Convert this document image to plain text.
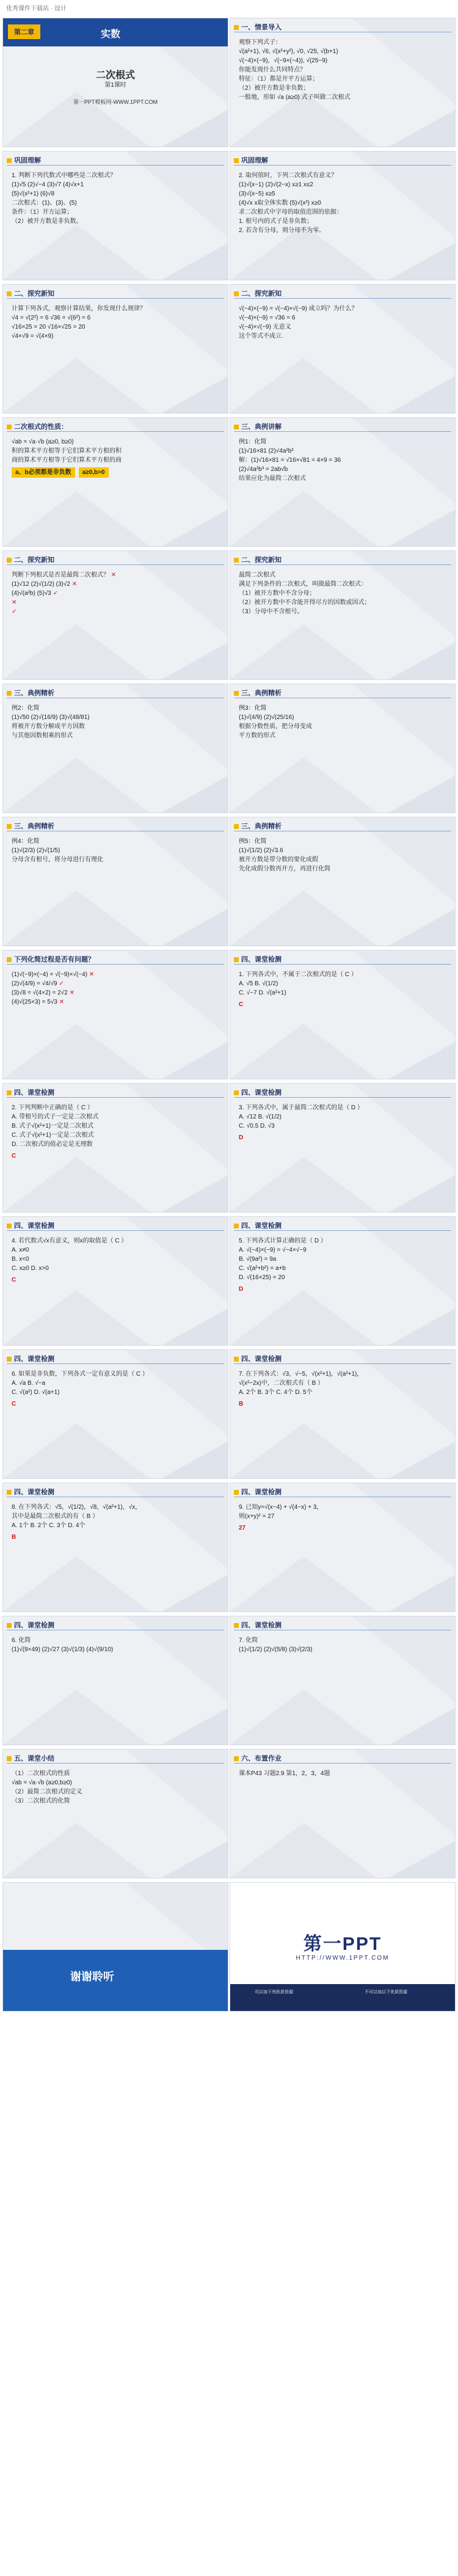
优秀课件下载站 · 设计
第二章	实数
二次根式
第1课时
第一PPT模板网-WWW.1PPT.COM
一、情景导入
观察下列式子：
√(a²+1), √6, √(x²+y²), √0, √25, √(b+1)
√(−4)×(−9)，√(−9×(−4)), √(25−9)
你能发现什么共同特点？
特征：（1）都是开平方运算；
（2）被开方数是非负数；
一般地，形如 √a (a≥0) 式子叫做二次根式
巩固理解
1. 判断下列代数式中哪些是二次根式？
(1)√5 (2)√−4 (3)√7 (4)√x+1
(5)√(x²+1) (6)√8
二次根式：(1)、(3)、(5)
条件：（1）开方运算；
（2）被开方数是非负数。
巩固理解
2. 取何值时，下列二次根式有意义？
(1)√(x−1) (2)√(2−x) x≥1 x≤2
(3)√(x−5) x≥5
(4)√x x取全体实数 (5)√(x²) x≥0
求二次根式中字母的取值范围的依据：
1. 根号内的式子是非负数；
2. 若含有分母，则分母不为零。
二、探究新知
计算下列各式，观察计算结果，你发现什么规律？
√4 = √(2²) = 6 √36 = √(6²) = 6
√16×25 = 20 √16×√25 = 20
√4×√9 = √(4×9)
二、探究新知
√(−4)×(−9) = √(−4)×√(−9) 成立吗？为什么？
√(−4)×(−9) = √36 = 6
√(−4)×√(−9) 无意义
这个等式不成立.
二次根式的性质：
√ab = √a·√b (a≥0, b≥0)
积的算术平方根等于它们算术平方根的积
商的算术平方根等于它们算术平方根的商
a、b必须都是非负数 a≥0,b>0
三、典例讲解
例1：化简
(1)√16×81 (2)√4a²b³
解：(1)√16×81 = √16×√81 = 4×9 = 36
(2)√4a²b³ = 2ab√b
结果应化为最简二次根式
二、探究新知
判断下列根式是否是最简二次根式？ ✕
(1)√12 (2)√(1/2) (3)√2 ✕
(4)√(a²b) (5)√3 ✓
✕
✓
二、探究新知
最简二次根式
满足下列条件的二次根式，叫做最简二次根式：
（1）被开方数中不含分母；
（2）被开方数中不含能开得尽方的因数或因式；
（3）分母中不含根号。
三、典例精析
例2：化简
(1)√50 (2)√(16/9) (3)√(48/81)
将被开方数分解成平方因数
与其他因数相乘的形式
三、典例精析
例3：化简
(1)√(4/9) (2)√(25/16)
根据分数性质，把分母变成
平方数的形式
三、典例精析
例4：化简
(1)√(2/3) (2)√(1/5)
分母含有根号，将分母进行有理化
三、典例精析
例5：化简
(1)√(1/2) (2)√3.6
被开方数是带分数的要化成假
先化成假分数再开方，再进行化简
下列化简过程是否有问题？
(1)√(−9)×(−4) = √(−9)×√(−4) ✕
(2)√(4/9) = √4/√9 ✓
(3)√8 = √(4×2) = 2√2 ✕
(4)√(25×3) = 5√3 ✕
四、课堂检测
1. 下列各式中，不属于二次根式的是（ C ）
A. √5 B. √(1/2)
C. √−7 D. √(a²+1)
C
四、课堂检测
2. 下列判断中正确的是（ C ）
A. 带根号的式子一定是二次根式
B. 式子√(x²+1)一定是二次根式
C. 式子√(x²+1)一定是二次根式
D. 二次根式的值必定是无理数
C
四、课堂检测
3. 下列各式中，属于最简二次根式的是（ D ）
A. √12 B. √(1/2)
C. √0.5 D. √3
D
四、课堂检测
4. 若代数式√x有意义，则x的取值是（ C ）
A. x≠0
B. x<0
C. x≥0 D. x>0
C
四、课堂检测
5. 下列各式计算正确的是（ D ）
A. √(−4)×(−9) = √−4×√−9
B. √(9a²) = 9a
C. √(a²+b²) = a+b
D. √(16×25) = 20
D
四、课堂检测
6. 如果是非负数，下列各式一定有意义的是（ C ）
A. √a B. √−a
C. √(a²) D. √(a+1)
C
四、课堂检测
7. 在下列各式：√3，√−5，√(x²+1)，√(a²+1)，
√(x²−2x)中，二次根式有（ B ）
A. 2个 B. 3个 C. 4个 D. 5个
B
四、课堂检测
8. 在下列各式：√5，√(1/2)，√8，√(a²+1)，√x，
其中是最简二次根式的有（ B ）
A. 1个 B. 2个 C. 3个 D. 4个
B
四、课堂检测
9. 已知y=√(x−4) + √(4−x) + 3，
则(x+y)² = 27
27
四、课堂检测
6. 化简
(1)√(9×49) (2)√27 (3)√(1/3) (4)√(9/10)
四、课堂检测
7. 化简
(1)√(1/2) (2)√(5/8) (3)√(2/3)
五、课堂小结
（1）二次根式的性质
√ab = √a·√b (a≥0,b≥0)
（2）最简二次根式的定义
（3）二次根式的化简
六、布置作业
课本P43 习题2.9 第1，2，3，4题
谢谢聆听
第一PPT
HTTP://WWW.1PPT.COM
可以加下列优质资源	不可以加以下优质资源
